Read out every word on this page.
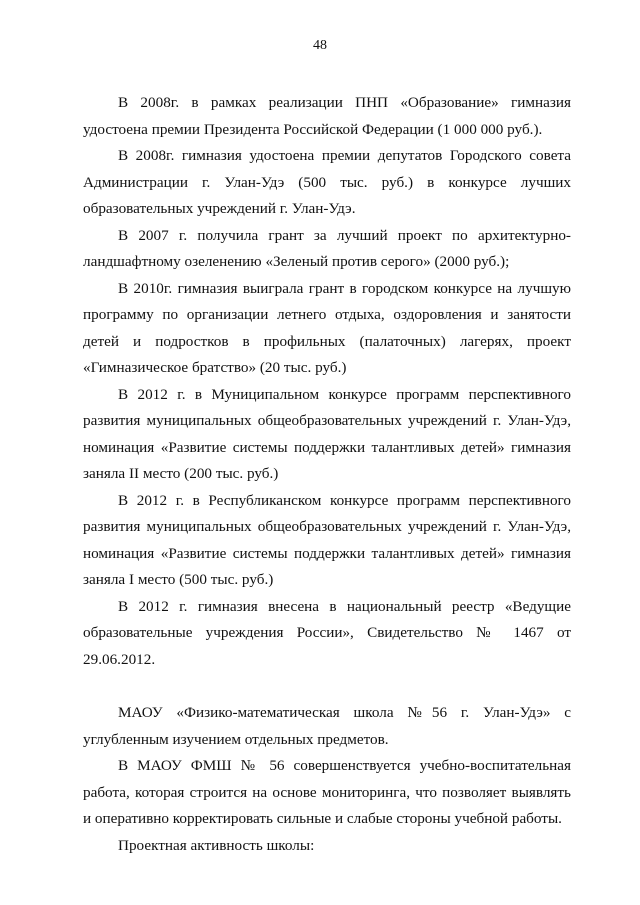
48

В 2008г. в рамках реализации ПНП «Образование» гимназия удостоена премии Президента Российской Федерации (1 000 000 руб.).

В 2008г. гимназия удостоена премии депутатов Городского совета Администрации г. Улан-Удэ (500 тыс. руб.) в конкурсе лучших образовательных учреждений г. Улан-Удэ.

В 2007 г. получила грант за лучший проект по архитектурно-ландшафтному озеленению «Зеленый против серого» (2000 руб.);

В 2010г. гимназия выиграла грант в городском конкурсе на лучшую программу по организации летнего отдыха, оздоровления и занятости детей и подростков в профильных (палаточных) лагерях, проект «Гимназическое братство» (20 тыс. руб.)

В 2012 г. в Муниципальном конкурсе программ перспективного развития муниципальных общеобразовательных учреждений г. Улан-Удэ, номинация «Развитие системы поддержки талантливых детей» гимназия заняла II место (200 тыс. руб.)

В 2012 г. в Республиканском конкурсе программ перспективного развития муниципальных общеобразовательных учреждений г. Улан-Удэ, номинация «Развитие системы поддержки талантливых детей» гимназия заняла I место (500 тыс. руб.)

В 2012 г. гимназия внесена в национальный реестр «Ведущие образовательные учреждения России», Свидетельство № 1467 от 29.06.2012.

МАОУ «Физико-математическая школа №56 г. Улан-Удэ» с углубленным изучением отдельных предметов.

В МАОУ ФМШ № 56 совершенствуется учебно-воспитательная работа, которая строится на основе мониторинга, что позволяет выявлять и оперативно корректировать сильные и слабые стороны учебной работы.

Проектная активность школы:
